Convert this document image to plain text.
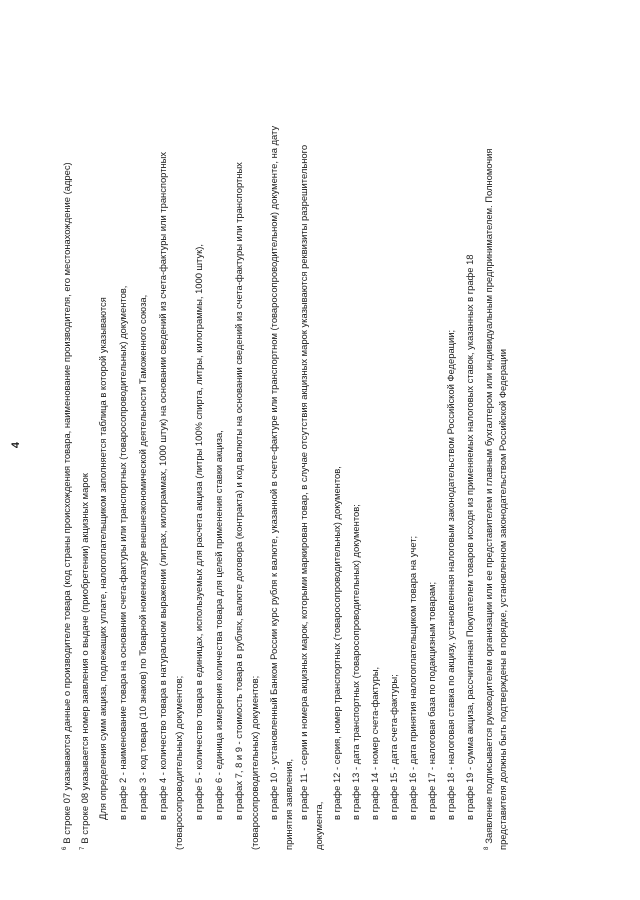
4
$^6$В строке 07 указываются данные о производителе товара (код страны происхождения товара, наименование производителя, его местонахождение (адрес)
$^7$В строке 08 указывается номер заявления о выдаче (приобретении) акцизных марок Для определения сумм акциза, подлежащих уплате, налогоплательщиком заполняется таблица в которой указываются в графе 2 - наименование товара на основании счета-фактуры или транспортных (товаросопроводительных) документов, в графе 3 - код товара (10 знаков) по Товарной номенклатуре внешнеэкономической деятельности Таможенного союза, в графе 4 - количество товара в натуральном выражении (литрах, килограммах, 1000 штук) на основании сведений из счета-фактуры или транспортных (товаросопроводительных) документов; в графе 5 - количество товара в единицах, используемых для расчета акциза (литры 100% спирта, литры, килограммы, 1000 штук), в графе 6 - единица измерения количества товара для целей применения ставки акциза, в графах 7, 8 и 9 - стоимость товара в рублях, валюте договора (контракта) и код валюты на основании сведений из счета-фактуры или транспортных (товаросопроводительных) документов; в графе 10 - установленный Банком России курс рубля к валюте, указанной в счете-фактуре или транспортном (товаросопроводительном) документе, на дату принятия заявления, в графе 11 - серии и номера акцизных марок, которыми маркирован товар, в случае отсутствия акцизных марок указываются реквизиты разрешительного
документа,
в графе 12 - серия, номер транспортных (товаросопроводительных) документов, в графе 13 - дата транспортных (товаросопроводительных) документов; в графе 14 - номер счета-фактуры, в графе 15 - дата счета-фактуры; в графе 16 - дата принятия налогоплательщиком товара на учет; в графе 17 - налоговая база по подакцизным товарам; в графе 18 - налоговая ставка по акцизу, установленная налоговым законодательством Российской Федерации; в графе 19 - сумма акциза, рассчитанная Покупателем товаров исходя из применяемых налоговых ставок, указанных в графе 18
$^8$Заявление подписывается руководителем организации или ее представителем и главным бухгалтером или индивидуальным предпринимателем. Полномочия представителя должны быть подтверждены в порядке, установленном законодательством Российской Федерации
